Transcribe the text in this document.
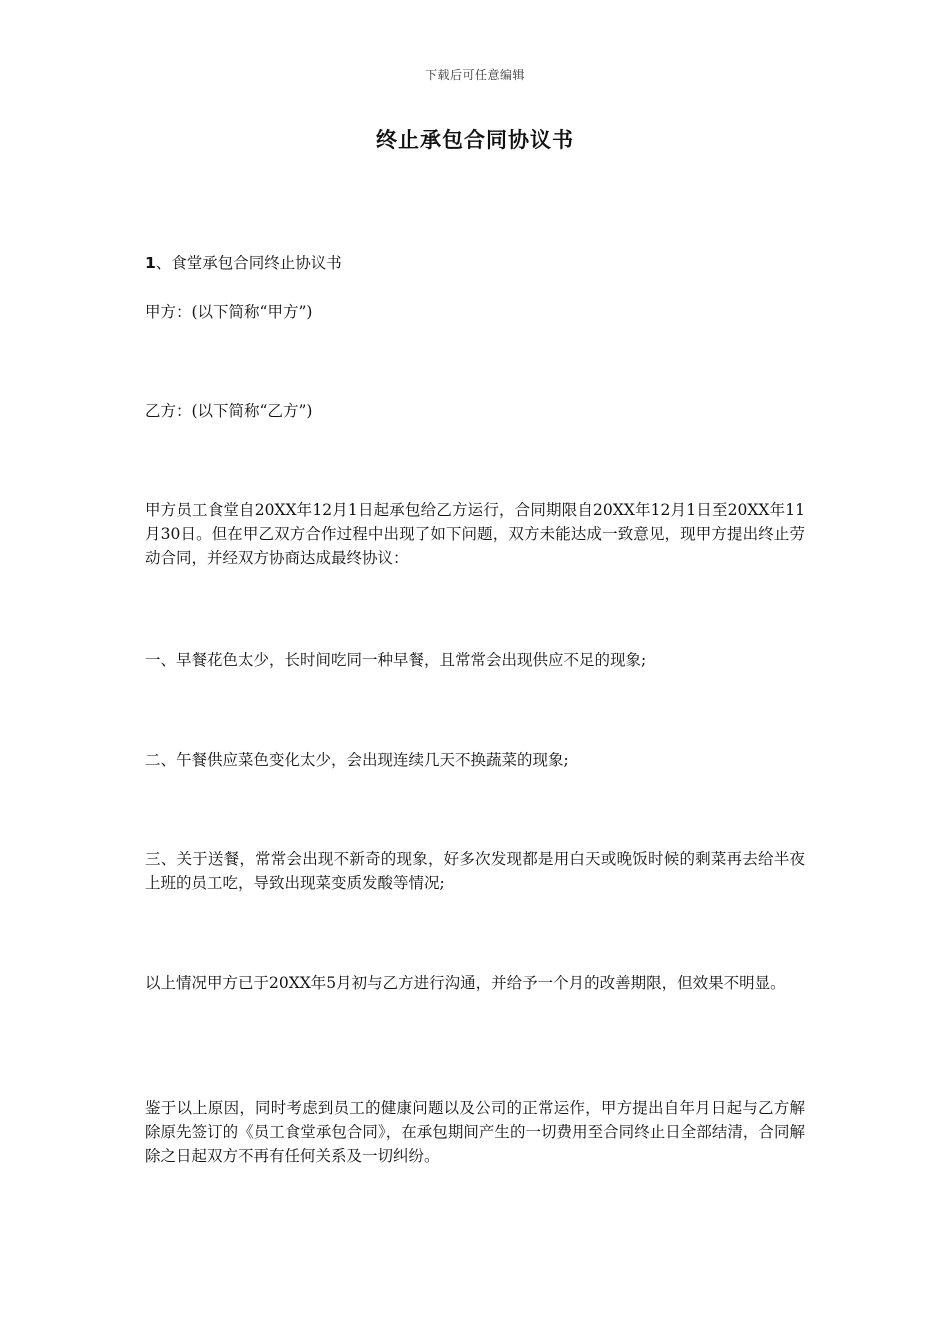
下载后可任意编辑
终止承包合同协议书
1、食堂承包合同终止协议书

甲方：(以下简称“甲方”)

乙方：(以下简称“乙方”)

甲方员工食堂自20XX年12月1日起承包给乙方运行，合同期限自20XX年12月1日至20XX年11月30日。但在甲乙双方合作过程中出现了如下问题，双方未能达成一致意见，现甲方提出终止劳动合同，并经双方协商达成最终协议：

一、早餐花色太少，长时间吃同一种早餐，且常常会出现供应不足的现象;

二、午餐供应菜色变化太少，会出现连续几天不换蔬菜的现象;

三、关于送餐，常常会出现不新奇的现象，好多次发现都是用白天或晚饭时候的剩菜再去给半夜上班的员工吃，导致出现菜变质发酸等情况;

以上情况甲方已于20XX年5月初与乙方进行沟通，并给予一个月的改善期限，但效果不明显。

鉴于以上原因，同时考虑到员工的健康问题以及公司的正常运作，甲方提出自年月日起与乙方解除原先签订的《员工食堂承包合同》，在承包期间产生的一切费用至合同终止日全部结清，合同解除之日起双方不再有任何关系及一切纠纷。
